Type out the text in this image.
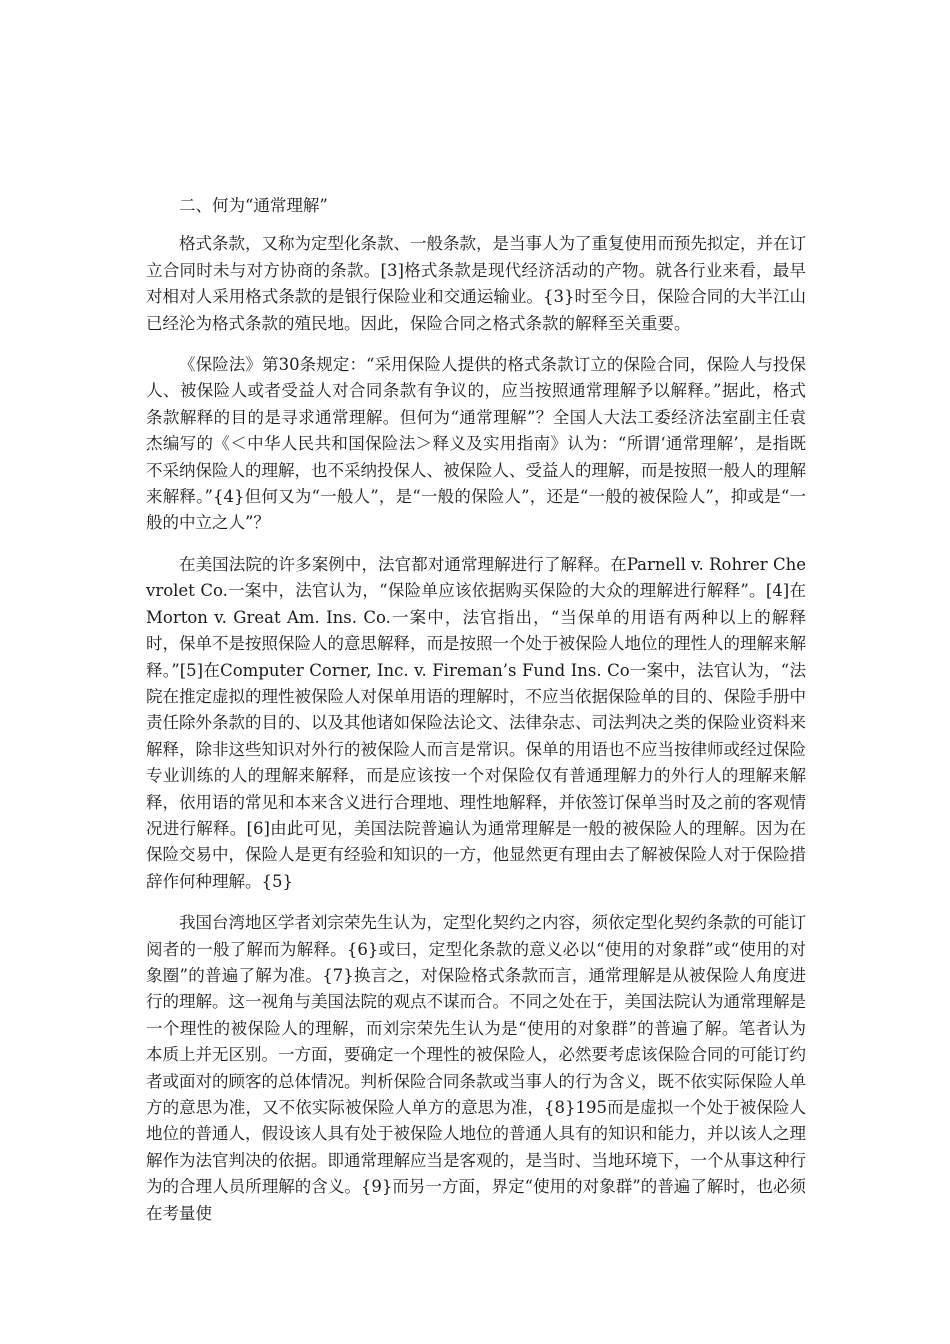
二、何为“通常理解”

格式条款，又称为定型化条款、一般条款，是当事人为了重复使用而预先拟定，并在订立合同时未与对方协商的条款。[3]格式条款是现代经济活动的产物。就各行业来看，最早对相对人采用格式条款的是银行保险业和交通运输业。{3}时至今日，保险合同的大半江山已经沦为格式条款的殖民地。因此，保险合同之格式条款的解释至关重要。

《保险法》第30条规定：“采用保险人提供的格式条款订立的保险合同，保险人与投保人、被保险人或者受益人对合同条款有争议的，应当按照通常理解予以解释。”据此，格式条款解释的目的是寻求通常理解。但何为“通常理解”？全国人大法工委经济法室副主任袁杰编写的《＜中华人民共和国保险法＞释义及实用指南》认为：“所谓‘通常理解’，是指既不采纳保险人的理解，也不采纳投保人、被保险人、受益人的理解，而是按照一般人的理解来解释。”{4}但何又为“一般人”，是“一般的保险人”，还是“一般的被保险人”，抑或是“一般的中立之人”？

在美国法院的许多案例中，法官都对通常理解进行了解释。在Parnell v. Rohrer Chevrolet Co.一案中，法官认为，“保险单应该依据购买保险的大众的理解进行解释”。[4]在Morton v. Great Am. Ins. Co.一案中，法官指出，“当保单的用语有两种以上的解释时，保单不是按照保险人的意思解释，而是按照一个处于被保险人地位的理性人的理解来解释。”[5]在Computer Corner, Inc. v. Fireman’s Fund Ins. Co一案中，法官认为，“法院在推定虚拟的理性被保险人对保单用语的理解时，不应当依据保险单的目的、保险手册中责任除外条款的目的、以及其他诸如保险法论文、法律杂志、司法判决之类的保险业资料来解释，除非这些知识对外行的被保险人而言是常识。保单的用语也不应当按律师或经过保险专业训练的人的理解来解释，而是应该按一个对保险仅有普通理解力的外行人的理解来解释，依用语的常见和本来含义进行合理地、理性地解释，并依签订保单当时及之前的客观情况进行解释。[6]由此可见，美国法院普遍认为通常理解是一般的被保险人的理解。因为在保险交易中，保险人是更有经验和知识的一方，他显然更有理由去了解被保险人对于保险措辞作何种理解。{5}

我国台湾地区学者刘宗荣先生认为，定型化契约之内容，须依定型化契约条款的可能订阅者的一般了解而为解释。{6}或曰，定型化条款的意义必以“使用的对象群”或“使用的对象圈”的普遍了解为准。{7}换言之，对保险格式条款而言，通常理解是从被保险人角度进行的理解。这一视角与美国法院的观点不谋而合。不同之处在于，美国法院认为通常理解是一个理性的被保险人的理解，而刘宗荣先生认为是“使用的对象群”的普遍了解。笔者认为本质上并无区别。一方面，要确定一个理性的被保险人，必然要考虑该保险合同的可能订约者或面对的顾客的总体情况。判析保险合同条款或当事人的行为含义，既不依实际保险人单方的意思为准，又不依实际被保险人单方的意思为准，{8}195而是虚拟一个处于被保险人地位的普通人，假设该人具有处于被保险人地位的普通人具有的知识和能力，并以该人之理解作为法官判决的依据。即通常理解应当是客观的，是当时、当地环境下，一个从事这种行为的合理人员所理解的含义。{9}而另一方面，界定“使用的对象群”的普遍了解时，也必须在考量使
